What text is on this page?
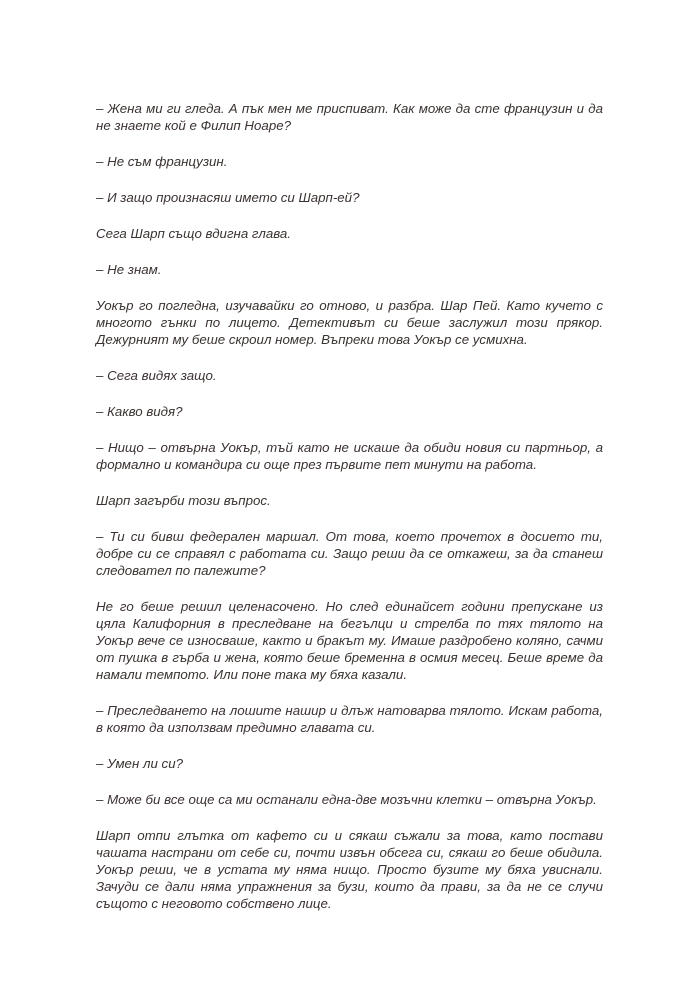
– Жена ми ги гледа. А пък мен ме приспиват. Как може да сте французин и да не знаете кой е Филип Ноаре?

– Не съм французин.

– И защо произнасяш името си Шарп-ей?

Сега Шарп също вдигна глава.

– Не знам.

Уокър го погледна, изучавайки го отново, и разбра. Шар Пей. Като кучето с многото гънки по лицето. Детективът си беше заслужил този прякор. Дежурният му беше скроил номер. Въпреки това Уокър се усмихна.

– Сега видях защо.

– Какво видя?

– Нищо – отвърна Уокър, тъй като не искаше да обиди новия си партньор, а формално и командира си още през първите пет минути на работа.

Шарп загърби този въпрос.

– Ти си бивш федерален маршал. От това, което прочетох в досието ти, добре си се справял с работата си. Защо реши да се откажеш, за да станеш следовател по палежите?

Не го беше решил целенасочено. Но след единайсет години препускане из цяла Калифорния в преследване на бегълци и стрелба по тях тялото на Уокър вече се износваше, както и бракът му. Имаше раздробено коляно, сачми от пушка в гърба и жена, която беше бременна в осмия месец. Беше време да намали темпото. Или поне така му бяха казали.

– Преследването на лошите нашир и длъж натоварва тялото. Искам работа, в която да използвам предимно главата си.

– Умен ли си?

– Може би все още са ми останали една-две мозъчни клетки – отвърна Уокър.

Шарп отпи глътка от кафето си и сякаш съжали за това, като постави чашата настрани от себе си, почти извън обсега си, сякаш го беше обидила. Уокър реши, че в устата му няма нищо. Просто бузите му бяха увиснали. Зачуди се дали няма упражнения за бузи, които да прави, за да не се случи същото с неговото собствено лице.
